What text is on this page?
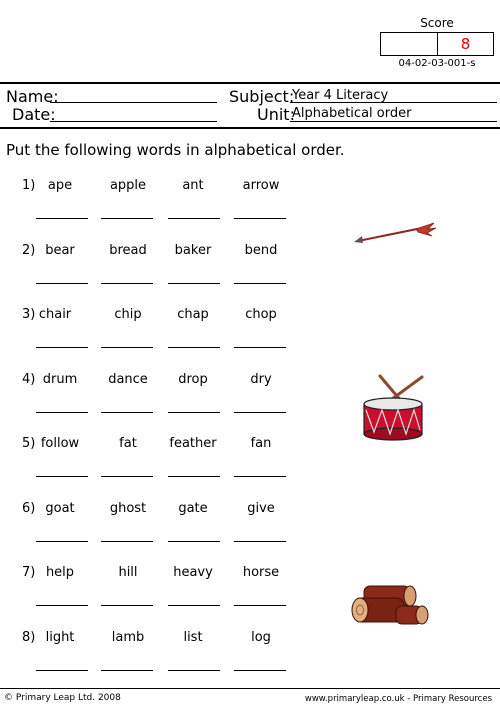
Score
8
04-02-03-001-s
Name:
Date:
Subject:
Year 4 Literacy
Unit:
Alphabetical order
Put the following words in alphabetical order.
1) ape	apple	ant	arrow
2) bear	bread	baker	bend
3) chair	chip	chap	chop
4) drum	dance	drop	dry
5) follow	fat	feather	fan
6) goat	ghost	gate	give
7) help	hill	heavy	horse
8) light	lamb	list	log
© Primary Leap Ltd. 2008	www.primaryleap.co.uk - Primary Resources
